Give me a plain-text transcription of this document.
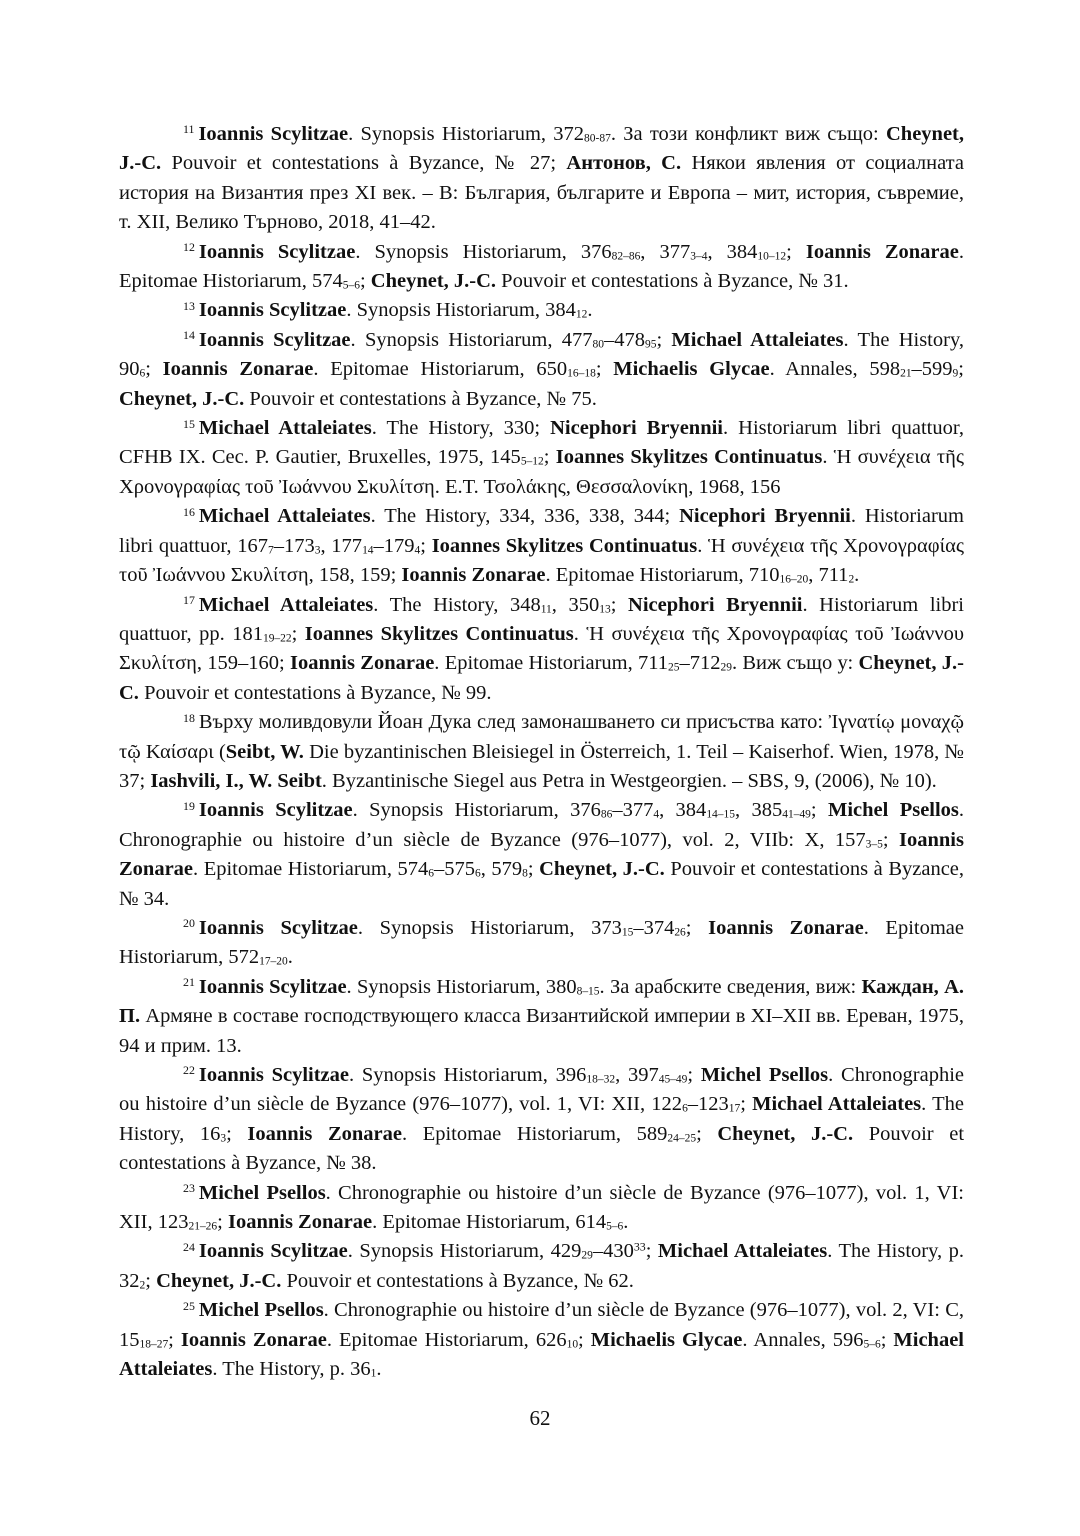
$^{11}$ Ioannis Scylitzae. Synopsis Historiarum, $372_{80-87}$. За този конфликт виж също: Cheynet, J.-C. Pouvoir et contestations à Byzance, № 27; Антонов, С. Някои явления от социалната история на Византия през XI век. – В: България, българите и Европа – мит, история, съвремие, т. XII, Велико Търново, 2018, 41–42.

$^{12}$ Ioannis Scylitzae. Synopsis Historiarum, $376_{82-86}$, $377_{3-4}$, $384_{10-12}$; Ioannis Zonarae. Epitomae Historiarum, $574_{5-6}$; Cheynet, J.-C. Pouvoir et contestations à Byzance, № 31.

$^{13}$ Ioannis Scylitzae. Synopsis Historiarum, $384_{12}$.

$^{14}$ Ioannis Scylitzae. Synopsis Historiarum, $477_{80}-478_{95}$; Michael Attaleiates. The History, $90_6$; Ioannis Zonarae. Epitomae Historiarum, $650_{16-18}$; Michaelis Glycae. Annales, $598_{21}-599_9$; Cheynet, J.-C. Pouvoir et contestations à Byzance, № 75.

$^{15}$ Michael Attaleiates. The History, 330; Nicephori Bryennii. Historiarum libri quattuor, CFHB IX. Cec. P. Gautier, Bruxelles, 1975, $145_{5-12}$; Ioannes Skylitzes Continuatus. Ἡ συνέχεια τῆς Χρονογραφίας τοῦ Ἰωάννου Σκυλίτση. Ε.Τ. Τσολάκης, Θεσσαλονίκη, 1968, 156

$^{16}$ Michael Attaleiates. The History, 334, 336, 338, 344; Nicephori Bryennii. Historiarum libri quattuor, $167_7-173_3$, $177_{14}-179_4$; Ioannes Skylitzes Continuatus. Ἡ συνέχεια τῆς Χρονογραφίας τοῦ Ἰωάννου Σκυλίτση, 158, 159; Ioannis Zonarae. Epitomae Historiarum, $710_{16-20}$, $711_2$.

$^{17}$ Michael Attaleiates. The History, $348_{11}$, $350_{13}$; Nicephori Bryennii. Historiarum libri quattuor, pp. $181_{19-22}$; Ioannes Skylitzes Continuatus. Ἡ συνέχεια τῆς Χρονογραφίας τοῦ Ἰωάννου Σκυλίτση, 159–160; Ioannis Zonarae. Epitomae Historiarum, $711_{25}-712_{29}$. Виж също у: Cheynet, J.-C. Pouvoir et contestations à Byzance, № 99.

$^{18}$ Върху моливдовули Йоан Дука след замонашването си присъства като: Ἰγνατίῳ μοναχῷ τῷ Καίσαρι (Seibt, W. Die byzantinischen Bleisiegel in Österreich, 1. Teil – Kaiserhof. Wien, 1978, № 37; Iashvili, I., W. Seibt. Byzantinische Siegel aus Petra in Westgeorgien. – SBS, 9, (2006), № 10).

$^{19}$ Ioannis Scylitzae. Synopsis Historiarum, $376_{86}-377_4$, $384_{14-15}$, $385_{41-49}$; Michel Psellos. Chronographie ou histoire d’un siècle de Byzance (976–1077), vol. 2, VIIb: X, $157_{3-5}$; Ioannis Zonarae. Epitomae Historiarum, $574_6-575_6$, $579_8$; Cheynet, J.-C. Pouvoir et contestations à Byzance, № 34.

$^{20}$ Ioannis Scylitzae. Synopsis Historiarum, $373_{15}-374_{26}$; Ioannis Zonarae. Epitomae Historiarum, $572_{17-20}$.

$^{21}$ Ioannis Scylitzae. Synopsis Historiarum, $380_{8-15}$. За арабските сведения, виж: Каждан, А. П. Армяне в составе господствующего класса Византийской империи в XI–XII вв. Ереван, 1975, 94 и прим. 13.

$^{22}$ Ioannis Scylitzae. Synopsis Historiarum, $396_{18-32}$, $397_{45-49}$; Michel Psellos. Chronographie ou histoire d’un siècle de Byzance (976–1077), vol. 1, VI: XII, $122_6-123_{17}$; Michael Attaleiates. The History, $16_3$; Ioannis Zonarae. Epitomae Historiarum, $589_{24-25}$; Cheynet, J.-C. Pouvoir et contestations à Byzance, № 38.

$^{23}$ Michel Psellos. Chronographie ou histoire d’un siècle de Byzance (976–1077), vol. 1, VI: XII, $123_{21-26}$; Ioannis Zonarae. Epitomae Historiarum, $614_{5-6}$.

$^{24}$ Ioannis Scylitzae. Synopsis Historiarum, $429_{29}-430^{33}$; Michael Attaleiates. The History, p. $32_2$; Cheynet, J.-C. Pouvoir et contestations à Byzance, № 62.

$^{25}$ Michel Psellos. Chronographie ou histoire d’un siècle de Byzance (976–1077), vol. 2, VI: C, $15_{18-27}$; Ioannis Zonarae. Epitomae Historiarum, $626_{10}$; Michaelis Glycae. Annales, $596_{5-6}$; Michael Attaleiates. The History, p. $36_1$.

62
